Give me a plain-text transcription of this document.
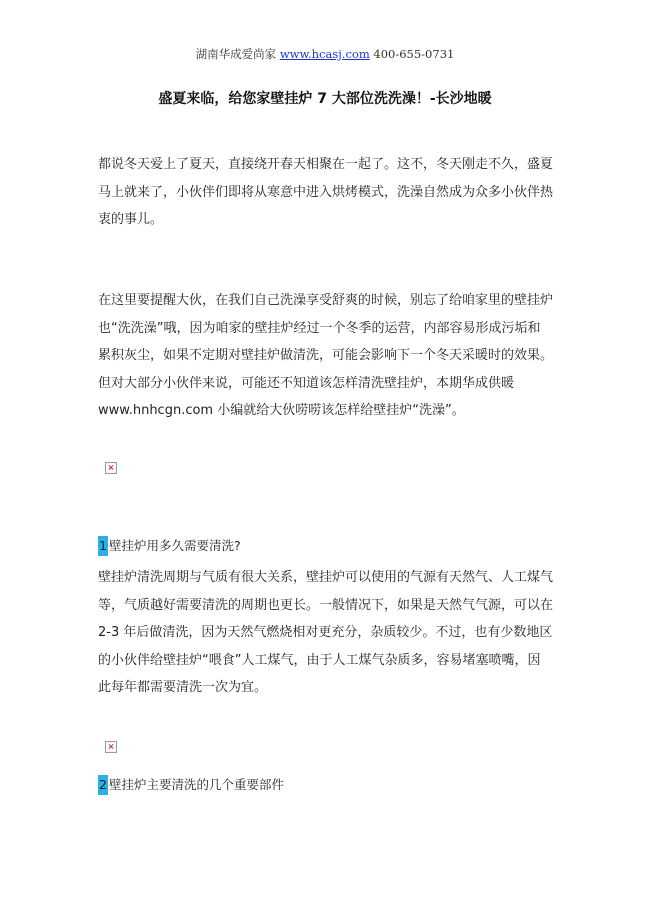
湖南华成爱尚家 www.hcasj.com 400-655-0731
盛夏来临，给您家壁挂炉 7 大部位洗洗澡！-长沙地暖
都说冬天爱上了夏天，直接绕开春天相聚在一起了。这不，冬天刚走不久，盛夏
马上就来了，小伙伴们即将从寒意中进入烘烤模式，洗澡自然成为众多小伙伴热
衷的事儿。
在这里要提醒大伙，在我们自己洗澡享受舒爽的时候，别忘了给咱家里的壁挂炉
也“洗洗澡”哦，因为咱家的壁挂炉经过一个冬季的运营，内部容易形成污垢和
累积灰尘，如果不定期对壁挂炉做清洗，可能会影响下一个冬天采暖时的效果。
但对大部分小伙伴来说，可能还不知道该怎样清洗壁挂炉，本期华成供暖
www.hnhcgn.com 小编就给大伙唠唠该怎样给壁挂炉“洗澡”。
×
1 壁挂炉用多久需要清洗?
壁挂炉清洗周期与气质有很大关系，壁挂炉可以使用的气源有天然气、人工煤气
等，气质越好需要清洗的周期也更长。一般情况下，如果是天然气气源，可以在
2-3 年后做清洗，因为天然气燃烧相对更充分，杂质较少。不过，也有少数地区
的小伙伴给壁挂炉“喂食”人工煤气，由于人工煤气杂质多，容易堵塞喷嘴，因
此每年都需要清洗一次为宜。
×
2 壁挂炉主要清洗的几个重要部件
